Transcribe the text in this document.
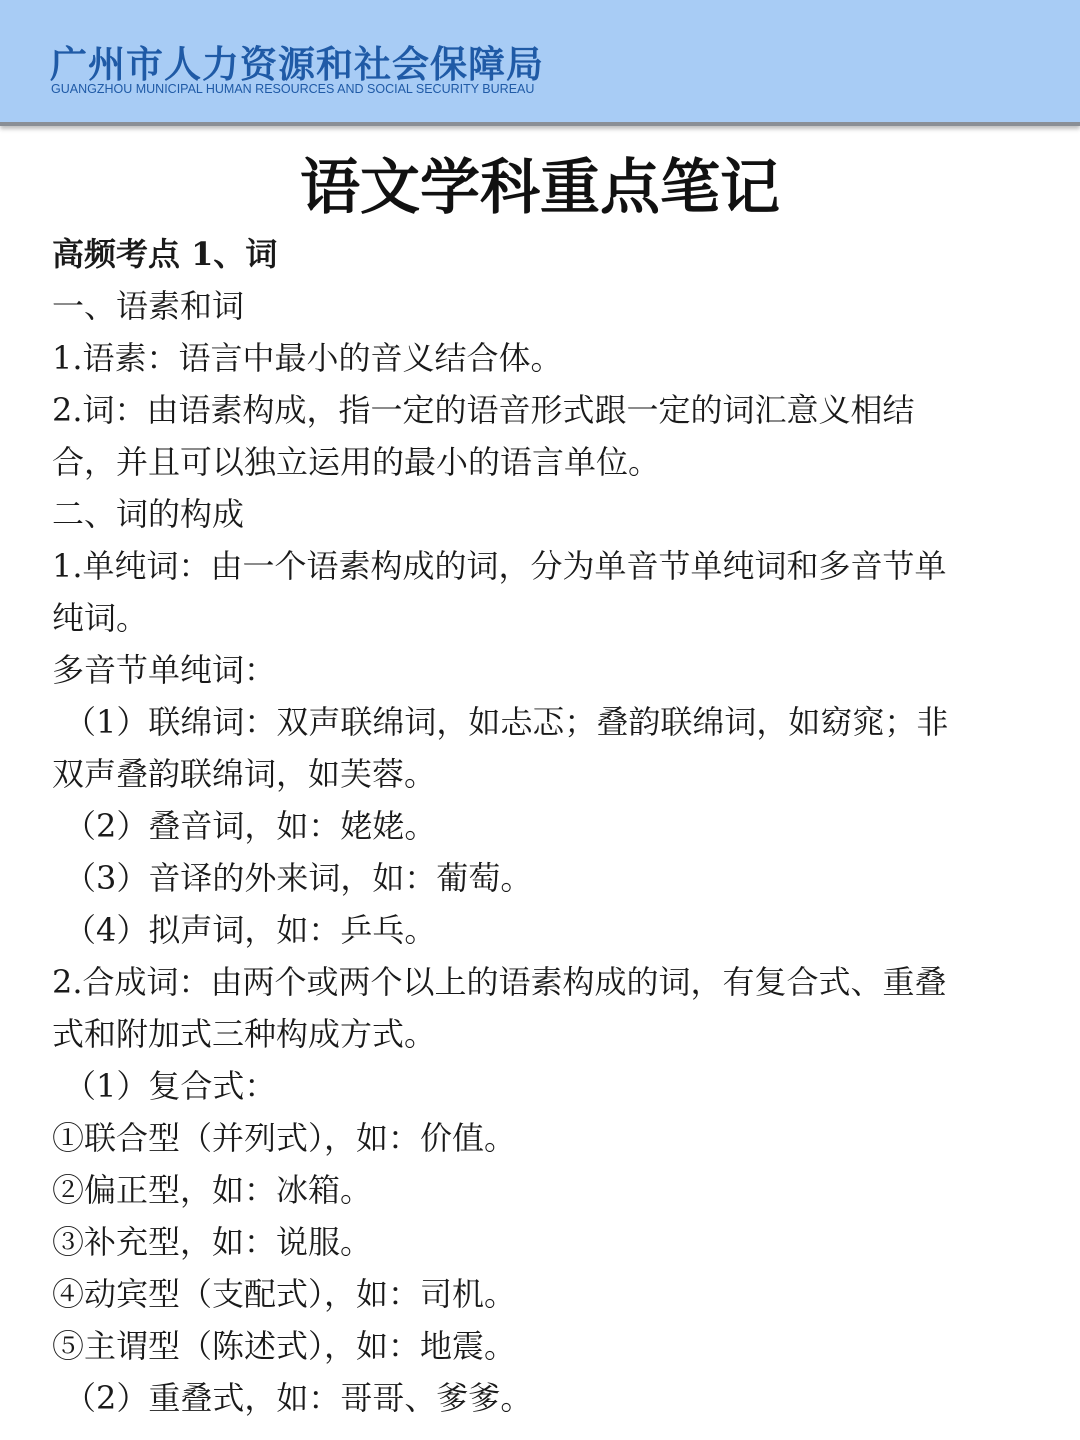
广州市人力资源和社会保障局
GUANGZHOU MUNICIPAL HUMAN RESOURCES AND SOCIAL SECURITY BUREAU
语文学科重点笔记
高频考点 1、词
一、语素和词
1.语素：语言中最小的音义结合体。
2.词：由语素构成，指一定的语音形式跟一定的词汇意义相结
合，并且可以独立运用的最小的语言单位。
二、词的构成
1.单纯词：由一个语素构成的词，分为单音节单纯词和多音节单
纯词。
多音节单纯词：
（1）联绵词：双声联绵词，如忐忑；叠韵联绵词，如窈窕；非
双声叠韵联绵词，如芙蓉。
（2）叠音词，如：姥姥。
（3）音译的外来词，如：葡萄。
（4）拟声词，如：乒乓。
2.合成词：由两个或两个以上的语素构成的词，有复合式、重叠
式和附加式三种构成方式。
（1）复合式：
①联合型（并列式），如：价值。
②偏正型，如：冰箱。
③补充型，如：说服。
④动宾型（支配式），如：司机。
⑤主谓型（陈述式），如：地震。
（2）重叠式，如：哥哥、爹爹。
